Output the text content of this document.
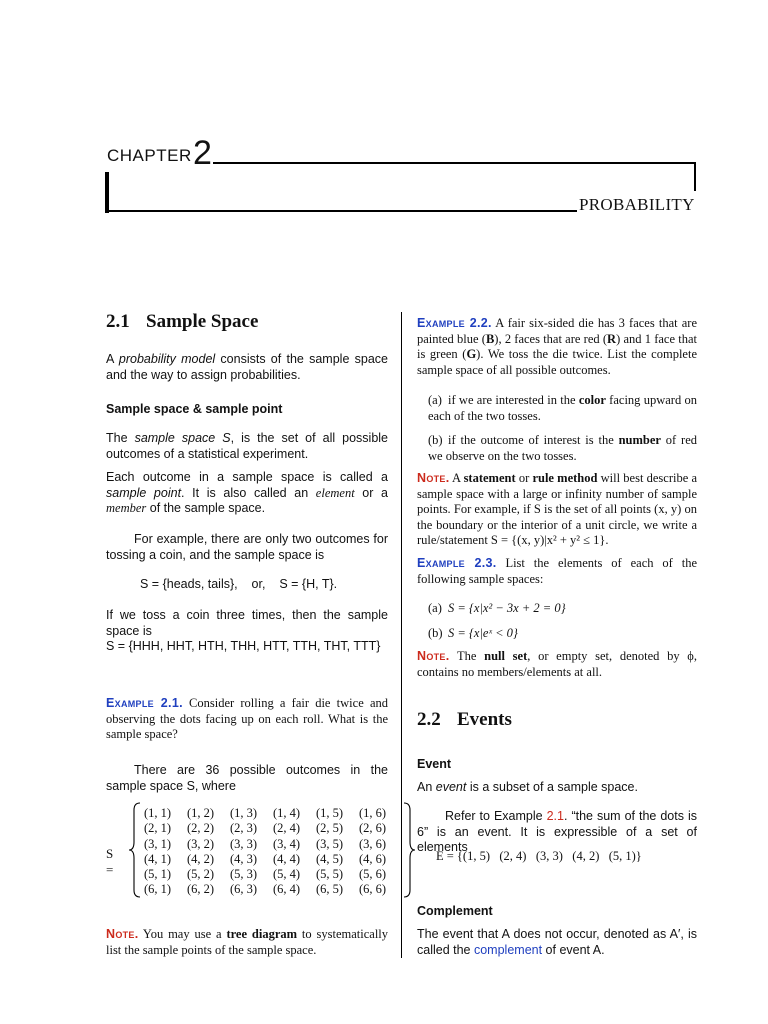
CHAPTER 2
PROBABILITY
2.1 Sample Space
A probability model consists of the sample space and the way to assign probabilities.
Sample space & sample point
The sample space S, is the set of all possible outcomes of a statistical experiment.
Each outcome in a sample space is called a sample point. It is also called an element or a member of the sample space.
For example, there are only two outcomes for tossing a coin, and the sample space is
S = {heads, tails},    or,    S = {H, T}.
If we toss a coin three times, then the sample space is
S = {HHH, HHT, HTH, THH, HTT, TTH, THT, TTT}
Example 2.1. Consider rolling a fair die twice and observing the dots facing up on each roll. What is the sample space?
There are 36 possible outcomes in the sample space S, where
S =
(1, 1)	(1, 2)	(1, 3)	(1, 4)	(1, 5)	(1, 6)
(2, 1)	(2, 2)	(2, 3)	(2, 4)	(2, 5)	(2, 6)
(3, 1)	(3, 2)	(3, 3)	(3, 4)	(3, 5)	(3, 6)
(4, 1)	(4, 2)	(4, 3)	(4, 4)	(4, 5)	(4, 6)
(5, 1)	(5, 2)	(5, 3)	(5, 4)	(5, 5)	(5, 6)
(6, 1)	(6, 2)	(6, 3)	(6, 4)	(6, 5)	(6, 6)
Note. You may use a tree diagram to systematically list the sample points of the sample space.
Example 2.2. A fair six-sided die has 3 faces that are painted blue (B), 2 faces that are red (R) and 1 face that is green (G). We toss the die twice. List the complete sample space of all possible outcomes.
(a) if we are interested in the color facing upward on each of the two tosses.
(b) if the outcome of interest is the number of red we observe on the two tosses.
Note. A statement or rule method will best describe a sample space with a large or infinity number of sample points. For example, if S is the set of all points (x, y) on the boundary or the interior of a unit circle, we write a rule/statement S = {(x, y)|x² + y² ≤ 1}.
Example 2.3. List the elements of each of the following sample spaces:
(a) S = {x|x² − 3x + 2 = 0}
(b) S = {x|eˣ < 0}
Note. The null set, or empty set, denoted by ϕ, contains no members/elements at all.
2.2 Events
Event
An event is a subset of a sample space.
Refer to Example 2.1. “the sum of the dots is 6” is an event. It is expressible of a set of elements
E = {(1, 5)   (2, 4)   (3, 3)   (4, 2)   (5, 1)}
Complement
The event that A does not occur, denoted as A′, is called the complement of event A.
